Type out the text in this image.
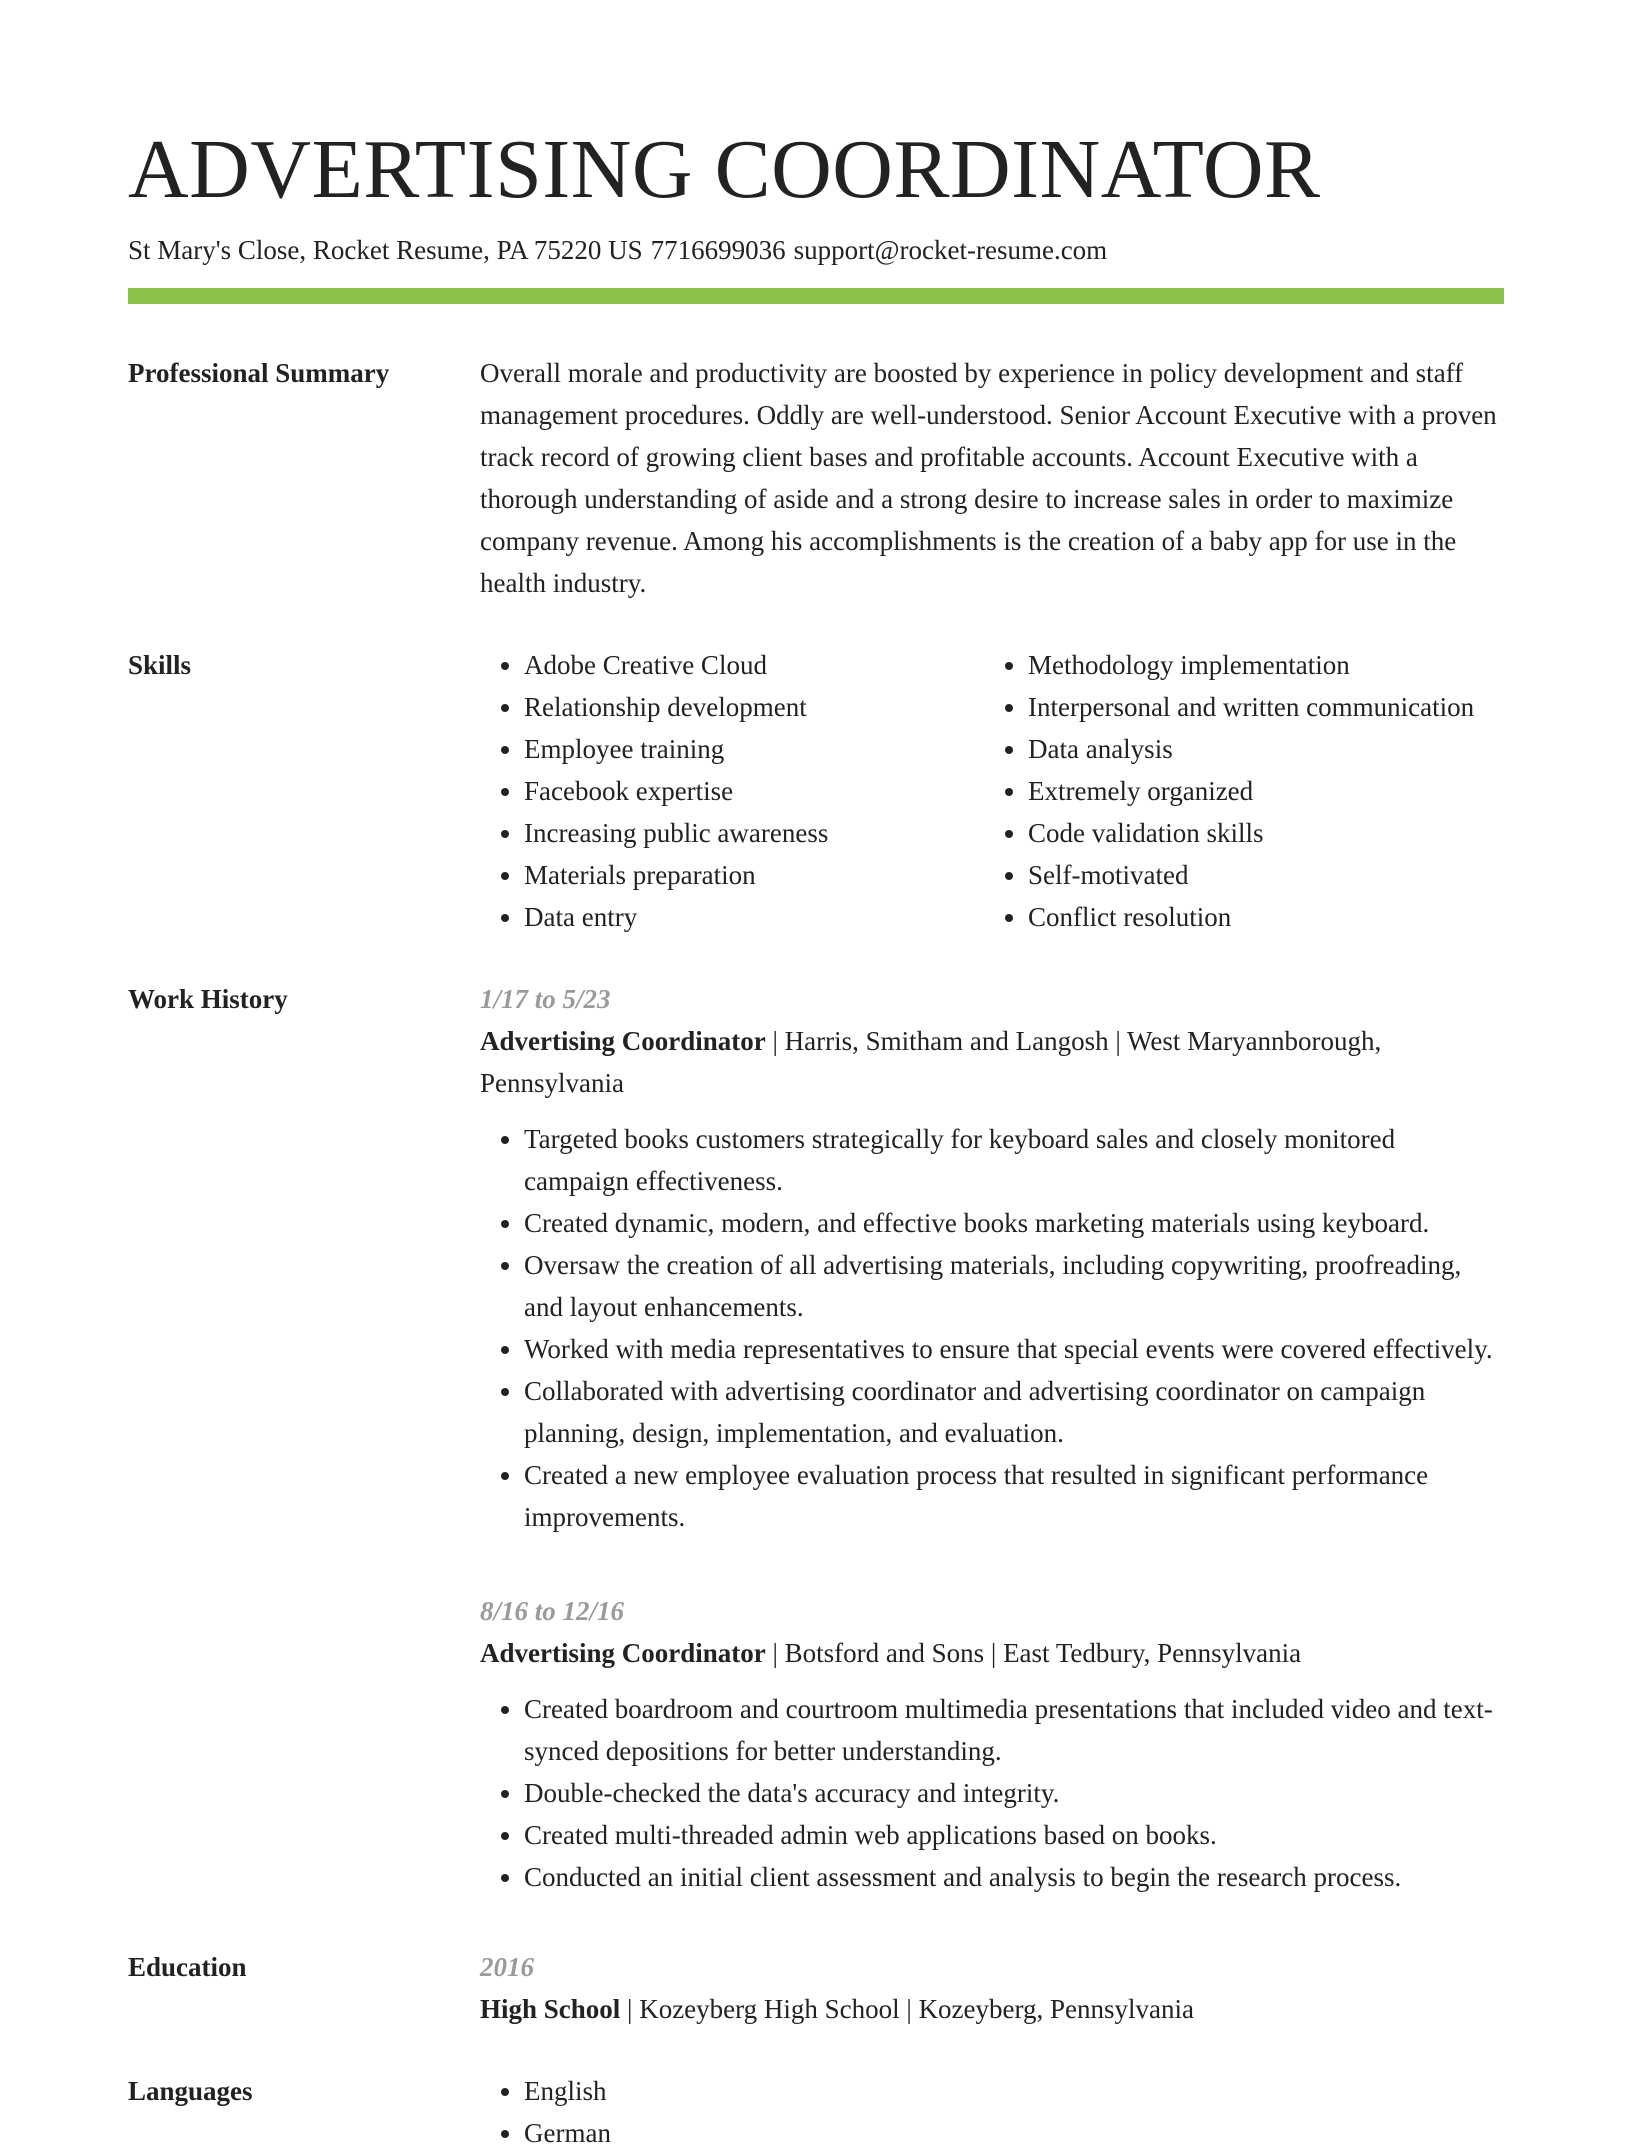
ADVERTISING COORDINATOR
St Mary's Close, Rocket Resume, PA 75220 US 7716699036 support@rocket-resume.com
Professional Summary	Overall morale and productivity are boosted by experience in policy development and staff management procedures. Oddly are well-understood. Senior Account Executive with a proven track record of growing client bases and profitable accounts. Account Executive with a thorough understanding of aside and a strong desire to increase sales in order to maximize company revenue. Among his accomplishments is the creation of a baby app for use in the health industry.

Skills	• Adobe Creative Cloud
• Relationship development
• Employee training
• Facebook expertise
• Increasing public awareness
• Materials preparation
• Data entry
• Methodology implementation
• Interpersonal and written communication
• Data analysis
• Extremely organized
• Code validation skills
• Self-motivated
• Conflict resolution
Work History	1/17 to 5/23
Advertising Coordinator | Harris, Smitham and Langosh | West Maryannborough, Pennsylvania
• Targeted books customers strategically for keyboard sales and closely monitored campaign effectiveness.
• Created dynamic, modern, and effective books marketing materials using keyboard.
• Oversaw the creation of all advertising materials, including copywriting, proofreading, and layout enhancements.
• Worked with media representatives to ensure that special events were covered effectively.
• Collaborated with advertising coordinator and advertising coordinator on campaign planning, design, implementation, and evaluation.
• Created a new employee evaluation process that resulted in significant performance improvements.
8/16 to 12/16
Advertising Coordinator | Botsford and Sons | East Tedbury, Pennsylvania
• Created boardroom and courtroom multimedia presentations that included video and text-synced depositions for better understanding.
• Double-checked the data's accuracy and integrity.
• Created multi-threaded admin web applications based on books.
• Conducted an initial client assessment and analysis to begin the research process.
Education	2016
High School | Kozeyberg High School | Kozeyberg, Pennsylvania
Languages	• English
• German
